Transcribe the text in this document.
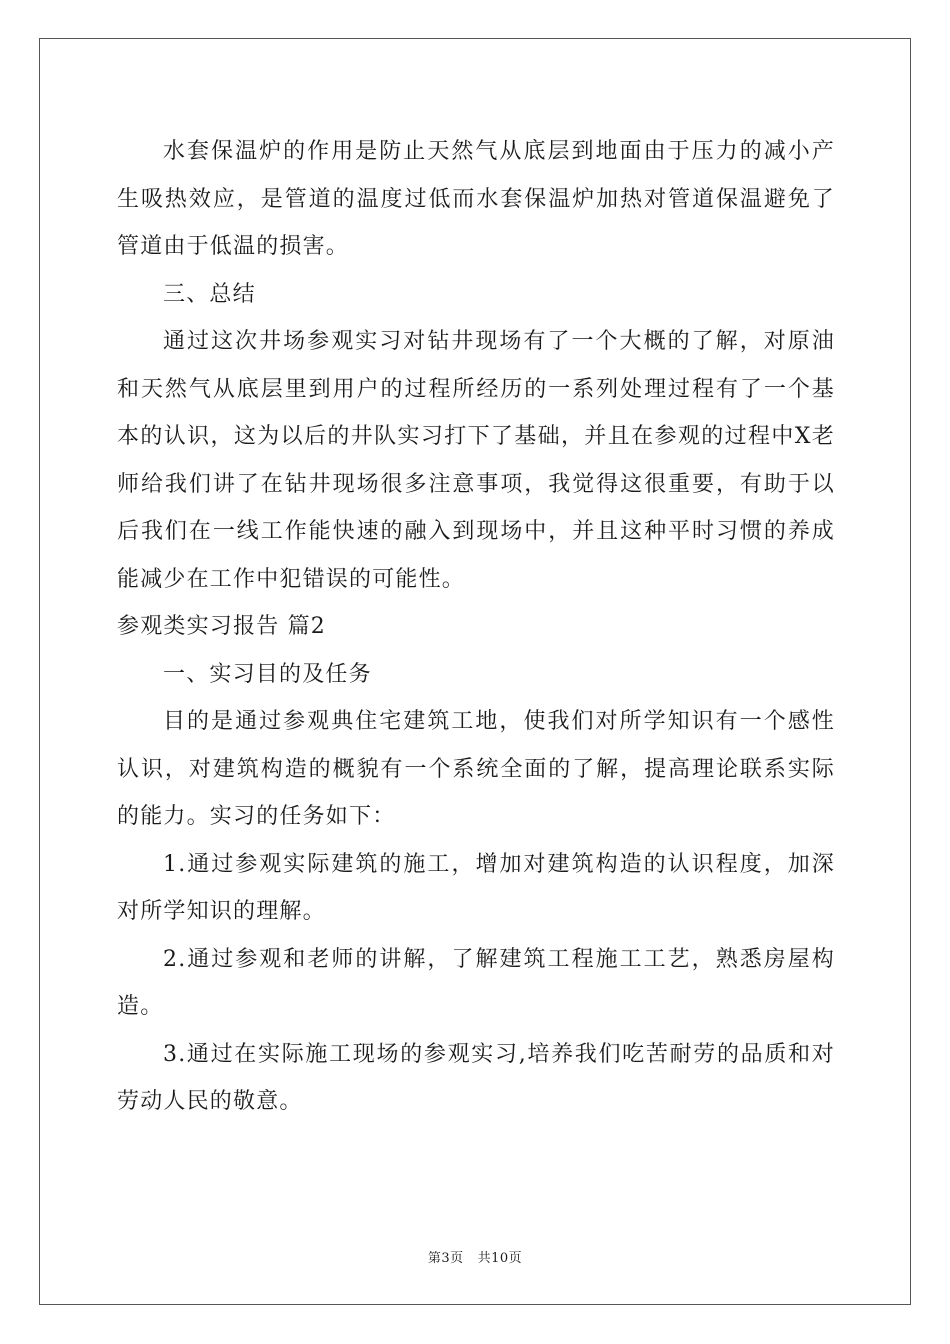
水套保温炉的作用是防止天然气从底层到地面由于压力的减小产生吸热效应，是管道的温度过低而水套保温炉加热对管道保温避免了管道由于低温的损害。

三、总结

通过这次井场参观实习对钻井现场有了一个大概的了解，对原油和天然气从底层里到用户的过程所经历的一系列处理过程有了一个基本的认识，这为以后的井队实习打下了基础，并且在参观的过程中X老师给我们讲了在钻井现场很多注意事项，我觉得这很重要，有助于以后我们在一线工作能快速的融入到现场中，并且这种平时习惯的养成能减少在工作中犯错误的可能性。

参观类实习报告 篇2

一、实习目的及任务

目的是通过参观典住宅建筑工地，使我们对所学知识有一个感性认识，对建筑构造的概貌有一个系统全面的了解，提高理论联系实际的能力。实习的任务如下：

1.通过参观实际建筑的施工，增加对建筑构造的认识程度，加深对所学知识的理解。

2.通过参观和老师的讲解，了解建筑工程施工工艺，熟悉房屋构造。

3.通过在实际施工现场的参观实习,培养我们吃苦耐劳的品质和对劳动人民的敬意。

第3页 共10页
